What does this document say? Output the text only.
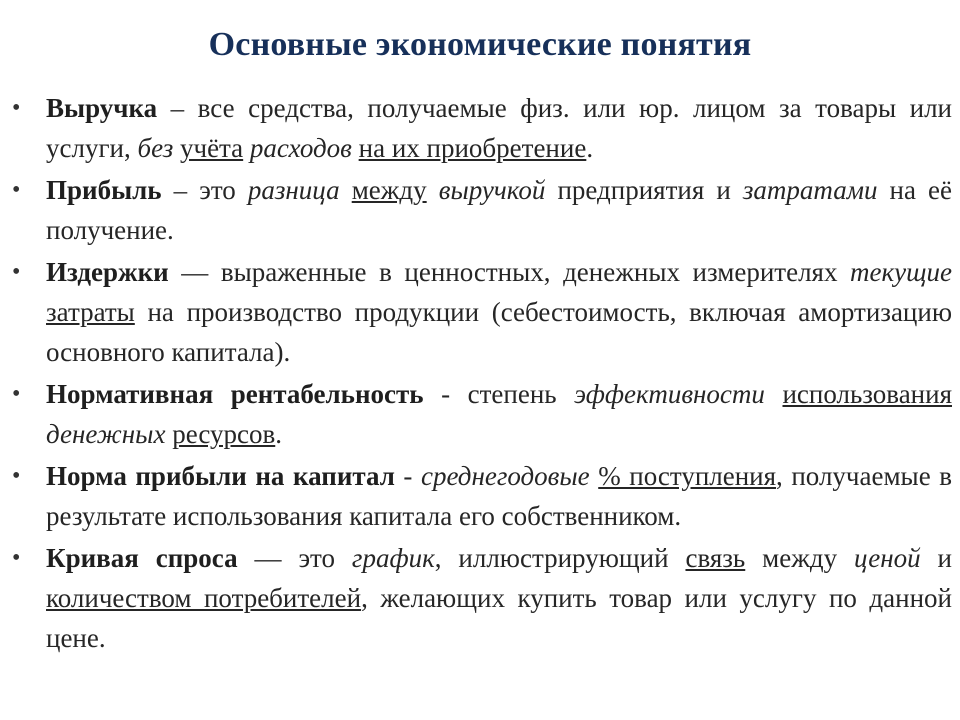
Основные экономические понятия
• Выручка – все средства, получаемые физ. или юр. лицом за товары или услуги, без учёта расходов на их приобретение.
• Прибыль – это разница между выручкой предприятия и затратами на её получение.
• Издержки — выраженные в ценностных, денежных измерителях текущие затраты на производство продукции (себестоимость, включая амортизацию основного капитала).
• Нормативная рентабельность - степень эффективности использования денежных ресурсов.
• Норма прибыли на капитал - среднегодовые % поступления, получаемые в результате использования капитала его собственником.
• Кривая спроса — это график, иллюстрирующий связь между ценой и количеством потребителей, желающих купить товар или услугу по данной цене.
